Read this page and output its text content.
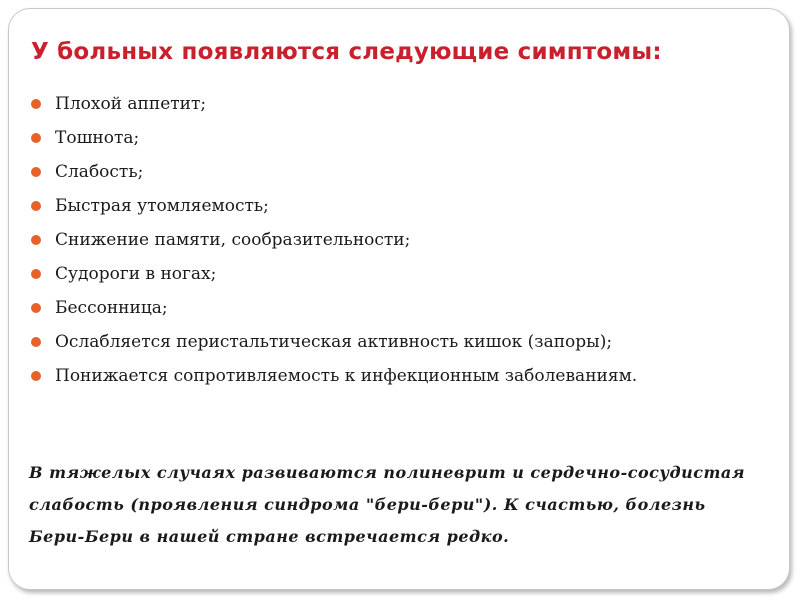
У больных появляются следующие симптомы:
Плохой аппетит;
Тошнота;
Слабость;
Быстрая утомляемость;
Снижение памяти, сообразительности;
Судороги в ногах;
Бессонница;
Ослабляется перистальтическая активность кишок (запоры);
Понижается сопротивляемость к инфекционным заболеваниям.

В тяжелых случаях развиваются полиневрит и сердечно-сосудистая слабость (проявления синдрома "бери-бери"). К счастью, болезнь Бери-Бери в нашей стране встречается редко.
